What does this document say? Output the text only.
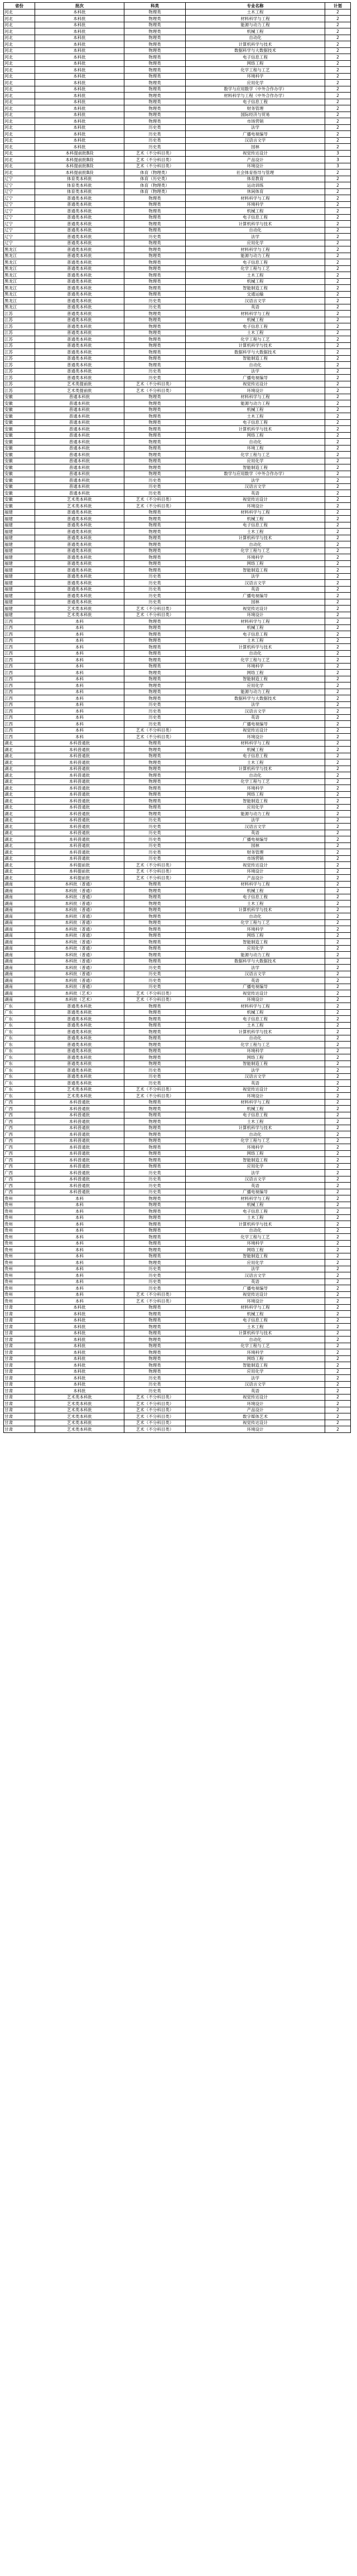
省份	批次	科类	专业名称	计划
河北	本科批	物理类	土木工程	2
河北	本科批	物理类	材料科学与工程	2
河北	本科批	物理类	能源与动力工程	2
河北	本科批	物理类	机械工程	2
河北	本科批	物理类	自动化	2
河北	本科批	物理类	计算机科学与技术	2
河北	本科批	物理类	数据科学与大数据技术	2
河北	本科批	物理类	电子信息工程	2
河北	本科批	物理类	网络工程	2
河北	本科批	物理类	化学工程与工艺	2
河北	本科批	物理类	环境科学	2
河北	本科批	物理类	应用化学	2
河北	本科批	物理类	数学与应用数学（中外合作办学）	2
河北	本科批	物理类	材料科学与工程（中外合作办学）	2
河北	本科批	物理类	电子信息工程	2
河北	本科批	物理类	财务管理	2
河北	本科批	物理类	国际经济与贸易	2
河北	本科批	物理类	市场营销	2
河北	本科批	历史类	法学	2
河北	本科批	历史类	广播电视编导	2
河北	本科批	历史类	汉语言文学	2
河北	本科批	历史类	园林	2
河北	本科提前批B段	艺术（不分科目类）	视觉传达设计	3
河北	本科提前批B段	艺术（不分科目类）	产品设计	3
河北	本科提前批B段	艺术（不分科目类）	环境设计	3
河北	本科提前批B段	体育（物理类）	社会体育指导与管理	2
辽宁	体育类本科批	体育（历史类）	体育教育	2
辽宁	体育类本科批	体育（物理类）	运动训练	2
辽宁	体育类本科批	体育（物理类）	休闲体育	2
辽宁	普通类本科批	物理类	材料科学与工程	2
辽宁	普通类本科批	物理类	环境科学	2
辽宁	普通类本科批	物理类	机械工程	2
辽宁	普通类本科批	物理类	电子信息工程	2
辽宁	普通类本科批	物理类	计算机科学与技术	2
辽宁	普通类本科批	物理类	自动化	2
辽宁	普通类本科批	历史类	法学	2
辽宁	普通类本科批	物理类	应用化学	2
黑龙江	普通类本科批	物理类	材料科学与工程	2
黑龙江	普通类本科批	物理类	能源与动力工程	2
黑龙江	普通类本科批	物理类	电子信息工程	2
黑龙江	普通类本科批	物理类	化学工程与工艺	2
黑龙江	普通类本科批	物理类	土木工程	2
黑龙江	普通类本科批	物理类	机械工程	2
黑龙江	普通类本科批	物理类	智能制造工程	2
黑龙江	普通类本科批	物理类	交通运输	2
黑龙江	普通类本科批	历史类	汉语言文学	2
黑龙江	普通类本科批	历史类	英语	2
江苏	普通类本科批	物理类	材料科学与工程	2
江苏	普通类本科批	物理类	机械工程	2
江苏	普通类本科批	物理类	电子信息工程	2
江苏	普通类本科批	物理类	土木工程	2
江苏	普通类本科批	物理类	化学工程与工艺	2
江苏	普通类本科批	物理类	计算机科学与技术	2
江苏	普通类本科批	物理类	数据科学与大数据技术	2
江苏	普通类本科批	物理类	智能制造工程	2
江苏	普通类本科批	物理类	自动化	2
江苏	普通类本科批	历史类	法学	2
江苏	普通类本科批	历史类	广播电视编导	2
江苏	艺术类提前批	艺术（不分科目类）	视觉传达设计	2
江苏	艺术类提前批	艺术（不分科目类）	环境设计	2
安徽	普通本科批	物理类	材料科学与工程	2
安徽	普通本科批	物理类	能源与动力工程	2
安徽	普通本科批	物理类	机械工程	2
安徽	普通本科批	物理类	土木工程	2
安徽	普通本科批	物理类	电子信息工程	2
安徽	普通本科批	物理类	计算机科学与技术	2
安徽	普通本科批	物理类	网络工程	2
安徽	普通本科批	物理类	自动化	2
安徽	普通本科批	物理类	环境工程	2
安徽	普通本科批	物理类	化学工程与工艺	2
安徽	普通本科批	物理类	应用化学	2
安徽	普通本科批	物理类	智能制造工程	2
安徽	普通本科批	物理类	数学与应用数学（中外合作办学）	2
安徽	普通本科批	历史类	法学	2
安徽	普通本科批	历史类	汉语言文学	2
安徽	普通本科批	历史类	英语	2
安徽	艺术类本科批	艺术（不分科目类）	视觉传达设计	2
安徽	艺术类本科批	艺术（不分科目类）	环境设计	2
福建	普通类本科批	物理类	材料科学与工程	2
福建	普通类本科批	物理类	机械工程	2
福建	普通类本科批	物理类	电子信息工程	2
福建	普通类本科批	物理类	土木工程	2
福建	普通类本科批	物理类	计算机科学与技术	2
福建	普通类本科批	物理类	自动化	2
福建	普通类本科批	物理类	化学工程与工艺	2
福建	普通类本科批	物理类	环境科学	2
福建	普通类本科批	物理类	网络工程	2
福建	普通类本科批	物理类	智能制造工程	2
福建	普通类本科批	历史类	法学	2
福建	普通类本科批	历史类	汉语言文学	2
福建	普通类本科批	历史类	英语	2
福建	普通类本科批	历史类	广播电视编导	2
福建	普通类本科批	历史类	园林	2
福建	艺术类本科批	艺术（不分科目类）	视觉传达设计	2
福建	艺术类本科批	艺术（不分科目类）	环境设计	2
江西	本科	物理类	材料科学与工程	2
江西	本科	物理类	机械工程	2
江西	本科	物理类	电子信息工程	2
江西	本科	物理类	土木工程	2
江西	本科	物理类	计算机科学与技术	2
江西	本科	物理类	自动化	2
江西	本科	物理类	化学工程与工艺	2
江西	本科	物理类	环境科学	2
江西	本科	物理类	网络工程	2
江西	本科	物理类	智能制造工程	2
江西	本科	物理类	应用化学	2
江西	本科	物理类	能源与动力工程	2
江西	本科	物理类	数据科学与大数据技术	2
江西	本科	历史类	法学	2
江西	本科	历史类	汉语言文学	2
江西	本科	历史类	英语	2
江西	本科	历史类	广播电视编导	2
江西	本科	艺术（不分科目类）	视觉传达设计	2
江西	本科	艺术（不分科目类）	环境设计	2
湖北	本科普通批	物理类	材料科学与工程	2
湖北	本科普通批	物理类	机械工程	2
湖北	本科普通批	物理类	电子信息工程	2
湖北	本科普通批	物理类	土木工程	2
湖北	本科普通批	物理类	计算机科学与技术	2
湖北	本科普通批	物理类	自动化	2
湖北	本科普通批	物理类	化学工程与工艺	2
湖北	本科普通批	物理类	环境科学	2
湖北	本科普通批	物理类	网络工程	2
湖北	本科普通批	物理类	智能制造工程	2
湖北	本科普通批	物理类	应用化学	2
湖北	本科普通批	物理类	能源与动力工程	2
湖北	本科普通批	历史类	法学	2
湖北	本科普通批	历史类	汉语言文学	2
湖北	本科普通批	历史类	英语	2
湖北	本科普通批	历史类	广播电视编导	2
湖北	本科普通批	历史类	园林	2
湖北	本科普通批	历史类	财务管理	2
湖北	本科普通批	历史类	市场营销	2
湖北	本科提前批	艺术（不分科目类）	视觉传达设计	2
湖北	本科提前批	艺术（不分科目类）	环境设计	2
湖北	本科提前批	艺术（不分科目类）	产品设计	2
湖南	本科批（普通）	物理类	材料科学与工程	2
湖南	本科批（普通）	物理类	机械工程	2
湖南	本科批（普通）	物理类	电子信息工程	2
湖南	本科批（普通）	物理类	土木工程	2
湖南	本科批（普通）	物理类	计算机科学与技术	2
湖南	本科批（普通）	物理类	自动化	2
湖南	本科批（普通）	物理类	化学工程与工艺	2
湖南	本科批（普通）	物理类	环境科学	2
湖南	本科批（普通）	物理类	网络工程	2
湖南	本科批（普通）	物理类	智能制造工程	2
湖南	本科批（普通）	物理类	应用化学	2
湖南	本科批（普通）	物理类	能源与动力工程	2
湖南	本科批（普通）	物理类	数据科学与大数据技术	2
湖南	本科批（普通）	历史类	法学	2
湖南	本科批（普通）	历史类	汉语言文学	2
湖南	本科批（普通）	历史类	英语	2
湖南	本科批（普通）	历史类	广播电视编导	2
湖南	本科批（艺术）	艺术（不分科目类）	视觉传达设计	2
湖南	本科批（艺术）	艺术（不分科目类）	环境设计	2
广东	普通类本科批	物理类	材料科学与工程	2
广东	普通类本科批	物理类	机械工程	2
广东	普通类本科批	物理类	电子信息工程	2
广东	普通类本科批	物理类	土木工程	2
广东	普通类本科批	物理类	计算机科学与技术	2
广东	普通类本科批	物理类	自动化	2
广东	普通类本科批	物理类	化学工程与工艺	2
广东	普通类本科批	物理类	环境科学	2
广东	普通类本科批	物理类	网络工程	2
广东	普通类本科批	物理类	智能制造工程	2
广东	普通类本科批	历史类	法学	2
广东	普通类本科批	历史类	汉语言文学	2
广东	普通类本科批	历史类	英语	2
广东	艺术类本科批	艺术（不分科目类）	视觉传达设计	2
广东	艺术类本科批	艺术（不分科目类）	环境设计	2
广西	本科普通批	物理类	材料科学与工程	2
广西	本科普通批	物理类	机械工程	2
广西	本科普通批	物理类	电子信息工程	2
广西	本科普通批	物理类	土木工程	2
广西	本科普通批	物理类	计算机科学与技术	2
广西	本科普通批	物理类	自动化	2
广西	本科普通批	物理类	化学工程与工艺	2
广西	本科普通批	物理类	环境科学	2
广西	本科普通批	物理类	网络工程	2
广西	本科普通批	物理类	智能制造工程	2
广西	本科普通批	物理类	应用化学	2
广西	本科普通批	历史类	法学	2
广西	本科普通批	历史类	汉语言文学	2
广西	本科普通批	历史类	英语	2
广西	本科普通批	历史类	广播电视编导	2
贵州	本科	物理类	材料科学与工程	2
贵州	本科	物理类	机械工程	2
贵州	本科	物理类	电子信息工程	2
贵州	本科	物理类	土木工程	2
贵州	本科	物理类	计算机科学与技术	2
贵州	本科	物理类	自动化	2
贵州	本科	物理类	化学工程与工艺	2
贵州	本科	物理类	环境科学	2
贵州	本科	物理类	网络工程	2
贵州	本科	物理类	智能制造工程	2
贵州	本科	物理类	应用化学	2
贵州	本科	历史类	法学	2
贵州	本科	历史类	汉语言文学	2
贵州	本科	历史类	英语	2
贵州	本科	历史类	广播电视编导	2
贵州	本科	艺术（不分科目类）	视觉传达设计	2
贵州	本科	艺术（不分科目类）	环境设计	2
甘肃	本科批	物理类	材料科学与工程	2
甘肃	本科批	物理类	机械工程	2
甘肃	本科批	物理类	电子信息工程	2
甘肃	本科批	物理类	土木工程	2
甘肃	本科批	物理类	计算机科学与技术	2
甘肃	本科批	物理类	自动化	2
甘肃	本科批	物理类	化学工程与工艺	2
甘肃	本科批	物理类	环境科学	2
甘肃	本科批	物理类	网络工程	2
甘肃	本科批	物理类	智能制造工程	2
甘肃	本科批	物理类	应用化学	2
甘肃	本科批	历史类	法学	2
甘肃	本科批	历史类	汉语言文学	2
甘肃	本科批	历史类	英语	2
甘肃	艺术类本科批	艺术（不分科目类）	视觉传达设计	2
甘肃	艺术类本科批	艺术（不分科目类）	环境设计	2
甘肃	艺术类本科批	艺术（不分科目类）	产品设计	2
甘肃	艺术类本科批	艺术（不分科目类）	数字媒体艺术	2
甘肃	艺术类本科批	艺术（不分科目类）	视觉传达设计	2
甘肃	艺术类本科批	艺术（不分科目类）	环境设计	2
